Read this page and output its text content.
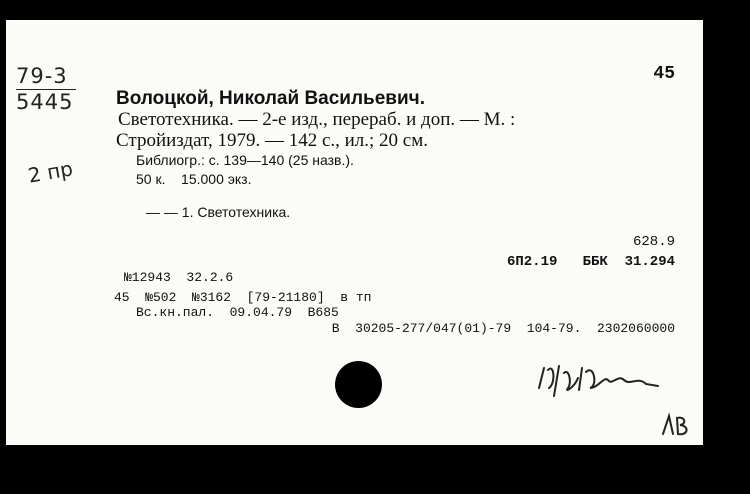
79-3
5445
2 пр
45
Волоцкой, Николай Васильевич.
Светотехника. — 2-е изд., перераб. и доп. — М. :
Стройиздат, 1979. — 142 с., ил.; 20 см.
Библиогр.: с. 139—140 (25 назв.).
50 к.    15.000 экз.
— — 1. Светотехника.
628.9
6П2.19   ББК  31.294
№12943  32.2.6
45  №502  №3162  [79-21180]  в тп
Вс.кн.пал.  09.04.79  В685
В  30205-277/047(01)-79  104-79.  2302060000
